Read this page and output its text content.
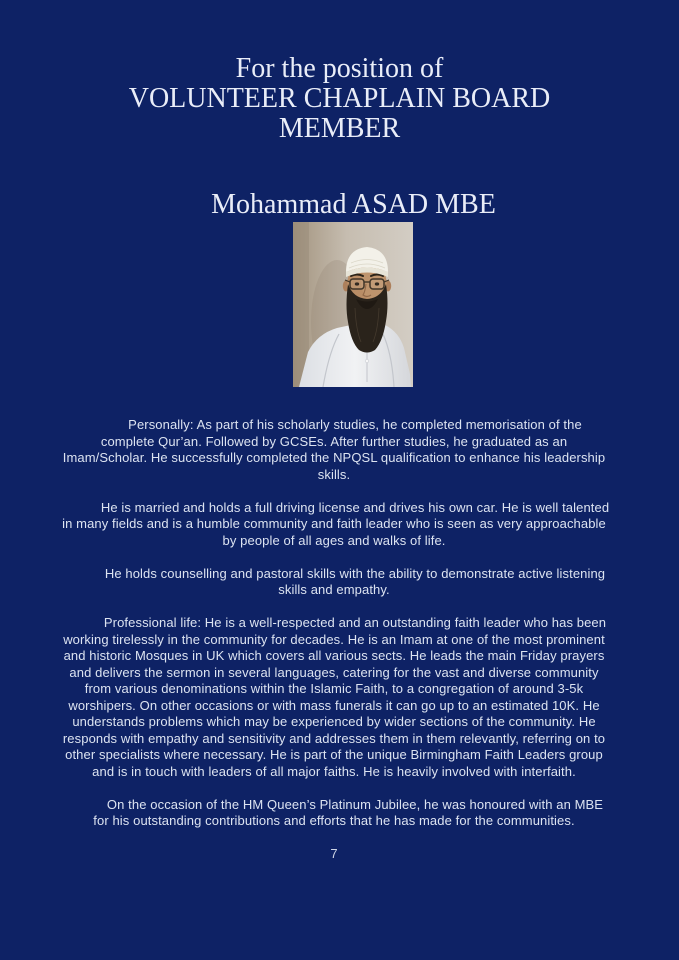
For the position of
VOLUNTEER CHAPLAIN BOARD
MEMBER
Mohammad ASAD MBE

Personally: As part of his scholarly studies, he completed memorisation of the complete Qur’an. Followed by GCSEs. After further studies, he graduated as an Imam/Scholar. He successfully completed the NPQSL qualification to enhance his leadership skills.

He is married and holds a full driving license and drives his own car. He is well talented in many fields and is a humble community and faith leader who is seen as very approachable by people of all ages and walks of life.

He holds counselling and pastoral skills with the ability to demonstrate active listening skills and empathy.

Professional life: He is a well-respected and an outstanding faith leader who has been working tirelessly in the community for decades. He is an Imam at one of the most prominent and historic Mosques in UK which covers all various sects. He leads the main Friday prayers and delivers the sermon in several languages, catering for the vast and diverse community from various denominations within the Islamic Faith, to a congregation of around 3-5k worshipers. On other occasions or with mass funerals it can go up to an estimated 10K. He understands problems which may be experienced by wider sections of the community. He responds with empathy and sensitivity and addresses them in them relevantly, referring on to other specialists where necessary. He is part of the unique Birmingham Faith Leaders group and is in touch with leaders of all major faiths. He is heavily involved with interfaith.

On the occasion of the HM Queen’s Platinum Jubilee, he was honoured with an MBE for his outstanding contributions and efforts that he has made for the communities.

7
